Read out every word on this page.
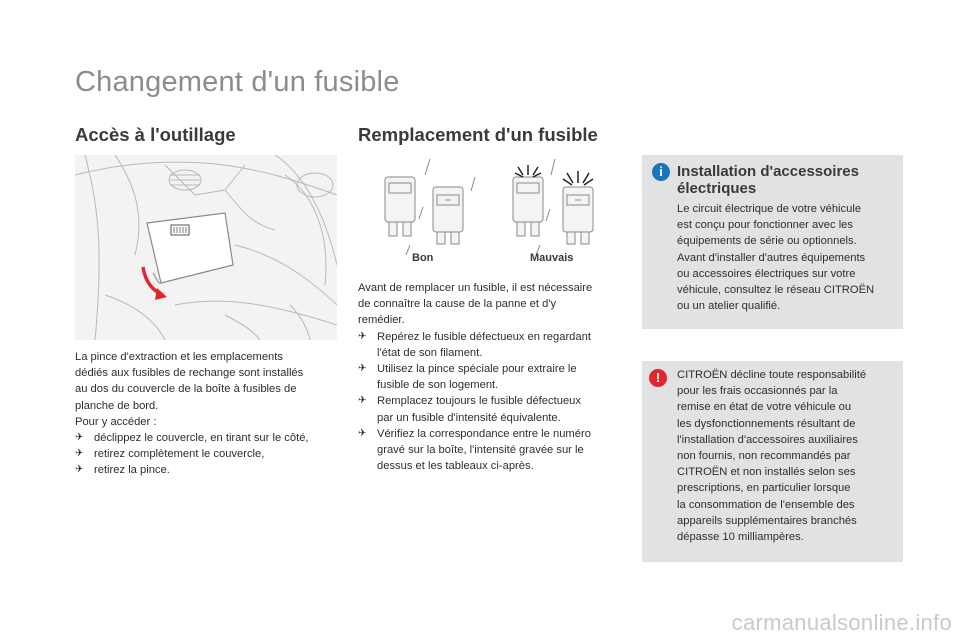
Changement d'un fusible
Accès à l'outillage

La pince d'extraction et les emplacements

dédiés aux fusibles de rechange sont installés

au dos du couvercle de la boîte à fusibles de

planche de bord.

Pour y accéder :

✈ déclippez le couvercle, en tirant sur le côté,
✈ retirez complètement le couvercle,
✈ retirez la pince.
Remplacement d'un fusible
Bon	Mauvais

Avant de remplacer un fusible, il est nécessaire

de connaître la cause de la panne et d'y

remédier.

✈ Repérez le fusible défectueux en regardant
l'état de son filament.
✈ Utilisez la pince spéciale pour extraire le
fusible de son logement.
✈ Remplacez toujours le fusible défectueux
par un fusible d'intensité équivalente.
✈ Vérifiez la correspondance entre le numéro
gravé sur la boîte, l'intensité gravée sur le
dessus et les tableaux ci-après.
i Installation d'accessoires
électriques
Le circuit électrique de votre véhicule
est conçu pour fonctionner avec les
équipements de série ou optionnels.
Avant d'installer d'autres équipements
ou accessoires électriques sur votre
véhicule, consultez le réseau CITROËN
ou un atelier qualifié.
!	CITROËN décline toute responsabilité
pour les frais occasionnés par la
remise en état de votre véhicule ou
les dysfonctionnements résultant de
l'installation d'accessoires auxiliaires
non fournis, non recommandés par
CITROËN et non installés selon ses
prescriptions, en particulier lorsque
la consommation de l'ensemble des
appareils supplémentaires branchés
dépasse 10 milliampères.
carmanualsonline.info
